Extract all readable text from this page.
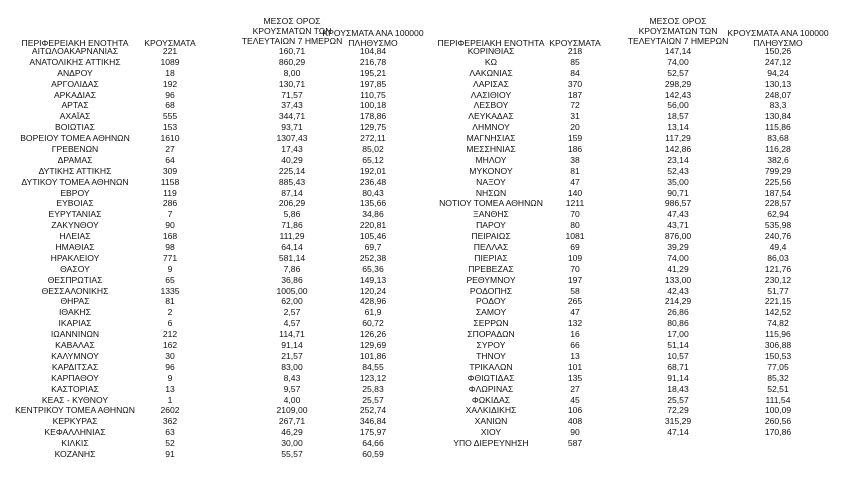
ΠΕΡΙΦΕΡΕΙΑΚΗ ΕΝΟΤΗΤΑ	ΚΡΟΥΣΜΑΤΑ
ΜΕΣΟΣ ΟΡΟΣ
ΚΡΟΥΣΜΑΤΩΝ ΤΩΝ
ΤΕΛΕΥΤΑΙΩΝ 7 ΗΜΕΡΩΝ
ΚΡΟΥΣΜΑΤΑ ΑΝΑ 100000
ΠΛΗΘΥΣΜΟ	ΠΕΡΙΦΕΡΕΙΑΚΗ ΕΝΟΤΗΤΑ ΚΡΟΥΣΜΑΤΑ
ΜΕΣΟΣ ΟΡΟΣ
ΚΡΟΥΣΜΑΤΩΝ ΤΩΝ
ΤΕΛΕΥΤΑΙΩΝ 7 ΗΜΕΡΩΝ
ΚΡΟΥΣΜΑΤΑ ΑΝΑ 100000
ΠΛΗΘΥΣΜΟ
ΑΙΤΩΛΟΑΚΑΡΝΑΝΙΑΣ	221	160,71	104,84
ΑΝΑΤΟΛΙΚΗΣ ΑΤΤΙΚΗΣ	1089	860,29	216,78
ΑΝΔΡΟΥ	18	8,00	195,21
ΑΡΓΟΛΙΔΑΣ	192	130,71	197,85
ΑΡΚΑΔΙΑΣ	96	71,57	110,75
ΑΡΤΑΣ	68	37,43	100,18
ΑΧΑΪΑΣ	555	344,71	178,86
ΒΟΙΩΤΙΑΣ	153	93,71	129,75
ΒΟΡΕΙΟΥ ΤΟΜΕΑ ΑΘΗΝΩΝ	1610	1307,43	272,11
ΓΡΕΒΕΝΩΝ	27	17,43	85,02
ΔΡΑΜΑΣ	64	40,29	65,12
ΔΥΤΙΚΗΣ ΑΤΤΙΚΗΣ	309	225,14	192,01
ΔΥΤΙΚΟΥ ΤΟΜΕΑ ΑΘΗΝΩΝ	1158	885,43	236,48
ΕΒΡΟΥ	119	87,14	80,43
ΕΥΒΟΙΑΣ	286	206,29	135,66
ΕΥΡΥΤΑΝΙΑΣ	7	5,86	34,86
ΖΑΚΥΝΘΟΥ	90	71,86	220,81
ΗΛΕΙΑΣ	168	111,29	105,46
ΗΜΑΘΙΑΣ	98	64,14	69,7
ΗΡΑΚΛΕΙΟΥ	771	581,14	252,38
ΘΑΣΟΥ	9	7,86	65,36
ΘΕΣΠΡΩΤΙΑΣ	65	36,86	149,13
ΘΕΣΣΑΛΟΝΙΚΗΣ	1335	1005,00	120,24
ΘΗΡΑΣ	81	62,00	428,96
ΙΘΑΚΗΣ	2	2,57	61,9
ΙΚΑΡΙΑΣ	6	4,57	60,72
ΙΩΑΝΝΙΝΩΝ	212	114,71	126,26
ΚΑΒΑΛΑΣ	162	91,14	129,69
ΚΑΛΥΜΝΟΥ	30	21,57	101,86
ΚΑΡΔΙΤΣΑΣ	96	83,00	84,55
ΚΑΡΠΑΘΟΥ	9	8,43	123,12
ΚΑΣΤΟΡΙΑΣ	13	9,57	25,83
ΚΕΑΣ - ΚΥΘΝΟΥ	1	4,00	25,57
ΚΕΝΤΡΙΚΟΥ ΤΟΜΕΑ ΑΘΗΝΩΝ	2602	2109,00	252,74
ΚΕΡΚΥΡΑΣ	362	267,71	346,84
ΚΕΦΑΛΛΗΝΙΑΣ	63	46,29	175,97
ΚΙΛΚΙΣ	52	30,00	64,66
ΚΟΖΑΝΗΣ	91	55,57	60,59
ΚΟΡΙΝΘΙΑΣ	218	147,14	150,26
ΚΩ	85	74,00	247,12
ΛΑΚΩΝΙΑΣ	84	52,57	94,24
ΛΑΡΙΣΑΣ	370	298,29	130,13
ΛΑΣΙΘΙΟΥ	187	142,43	248,07
ΛΕΣΒΟΥ	72	56,00	83,3
ΛΕΥΚΑΔΑΣ	31	18,57	130,84
ΛΗΜΝΟΥ	20	13,14	115,86
ΜΑΓΝΗΣΙΑΣ	159	117,29	83,68
ΜΕΣΣΗΝΙΑΣ	186	142,86	116,28
ΜΗΛΟΥ	38	23,14	382,6
ΜΥΚΟΝΟΥ	81	52,43	799,29
ΝΑΞΟΥ	47	35,00	225,56
ΝΗΣΩΝ	140	90,71	187,54
ΝΟΤΙΟΥ ΤΟΜΕΑ ΑΘΗΝΩΝ	1211	986,57	228,57
ΞΑΝΘΗΣ	70	47,43	62,94
ΠΑΡΟΥ	80	43,71	535,98
ΠΕΙΡΑΙΩΣ	1081	876,00	240,76
ΠΕΛΛΑΣ	69	39,29	49,4
ΠΙΕΡΙΑΣ	109	74,00	86,03
ΠΡΕΒΕΖΑΣ	70	41,29	121,76
ΡΕΘΥΜΝΟΥ	197	133,00	230,12
ΡΟΔΟΠΗΣ	58	42,43	51,77
ΡΟΔΟΥ	265	214,29	221,15
ΣΑΜΟΥ	47	26,86	142,52
ΣΕΡΡΩΝ	132	80,86	74,82
ΣΠΟΡΑΔΩΝ	16	17,00	115,96
ΣΥΡΟΥ	66	51,14	306,88
ΤΗΝΟΥ	13	10,57	150,53
ΤΡΙΚΑΛΩΝ	101	68,71	77,05
ΦΘΙΩΤΙΔΑΣ	135	91,14	85,32
ΦΛΩΡΙΝΑΣ	27	18,43	52,51
ΦΩΚΙΔΑΣ	45	25,57	111,54
ΧΑΛΚΙΔΙΚΗΣ	106	72,29	100,09
ΧΑΝΙΩΝ	408	315,29	260,56
ΧΙΟΥ	90	47,14	170,86
ΥΠΟ ΔΙΕΡΕΥΝΗΣΗ	587
